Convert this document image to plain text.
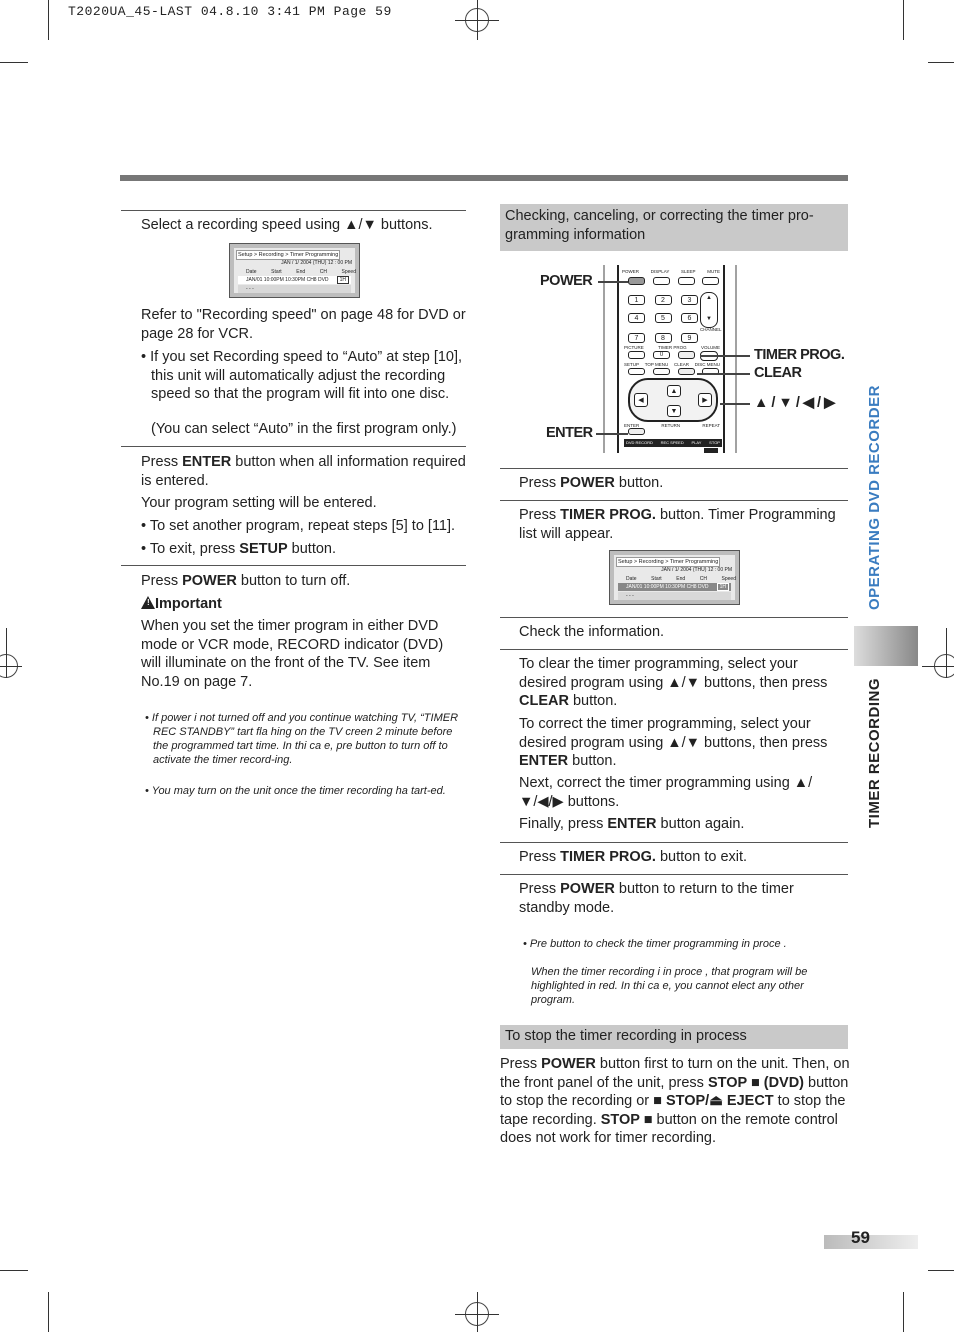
T2020UA_45-LAST 04.8.10 3:41 PM Page 59
Select a recording speed using ▲/▼ buttons.
Setup > Recording > Timer Programming
JAN / 1/ 2004 (THU) 12 : 00 PM
Date	Start	End	CH	Speed
JAN/01 10:00PM 10:30PM CH8 DVD	1H
- - -
Refer to "Recording speed" on page 48 for DVD or page 28 for VCR.
• If you set Recording speed to “Auto” at step [10], this unit will automatically adjust the recording speed so that the program will fit into one disc.
(You can select “Auto” in the first program only.)
Press ENTER button when all information required is entered.
Your program setting will be entered.
• To set another program, repeat steps [5] to [11].
• To exit, press SETUP button.
Press POWER button to turn off.
! Important
When you set the timer program in either DVD mode or VCR mode, RECORD indicator (DVD) will illuminate on the front of the TV. See item No.19 on page 7.
• If power i not turned off and you continue watching TV, “TIMER REC STANDBY” tart fla hing on the TV creen 2 minute before the programmed tart time. In thi ca e, pre button to turn off to activate the timer record-ing.
• You may turn on the unit once the timer recording ha tart-ed.
Checking, canceling, or correcting the timer pro-gramming information
POWER	DISPLAY	SLEEP	MUTE
1	2	3
4	5	6
7	8	9
▲
▼
CHANNEL
PICTURE	TIMER PROG	VOLUME
0
SETUP TOP MENU CLEAR DISC MENU
▲
▼
◀	▶
ENTER	RETURN	REPEAT
DVD RECORD REC SPEED PLAY STOP
POWER
TIMER PROG.
CLEAR
▲ / ▼ / ◀ / ▶
ENTER
Press POWER button.
Press TIMER PROG. button. Timer Programming list will appear.
Setup > Recording > Timer Programming
JAN / 1/ 2004 (THU) 12 : 00 PM
Date	Start	End	CH	Speed
JAN/01 10:00PM 10:30PM CH8 DVD	1H
- - -
Check the information.
To clear the timer programming, select your desired program using ▲/▼ buttons, then press CLEAR button.
To correct the timer programming, select your desired program using ▲/▼ buttons, then press ENTER button.
Next, correct the timer programming using ▲/▼/◀/▶ buttons.
Finally, press ENTER button again.
Press TIMER PROG. button to exit.
Press POWER button to return to the timer standby mode.
• Pre button to check the timer programming in proce .
When the timer recording i in proce , that program will be highlighted in red. In thi ca e, you cannot elect any other program.
To stop the timer recording in process
Press POWER button first to turn on the unit. Then, on the front panel of the unit, press STOP ■ (DVD) button to stop the recording or ■ STOP/⏏ EJECT to stop the tape recording. STOP ■ button on the remote control does not work for timer recording.
OPERATING DVD RECORDER
TIMER RECORDING
59
